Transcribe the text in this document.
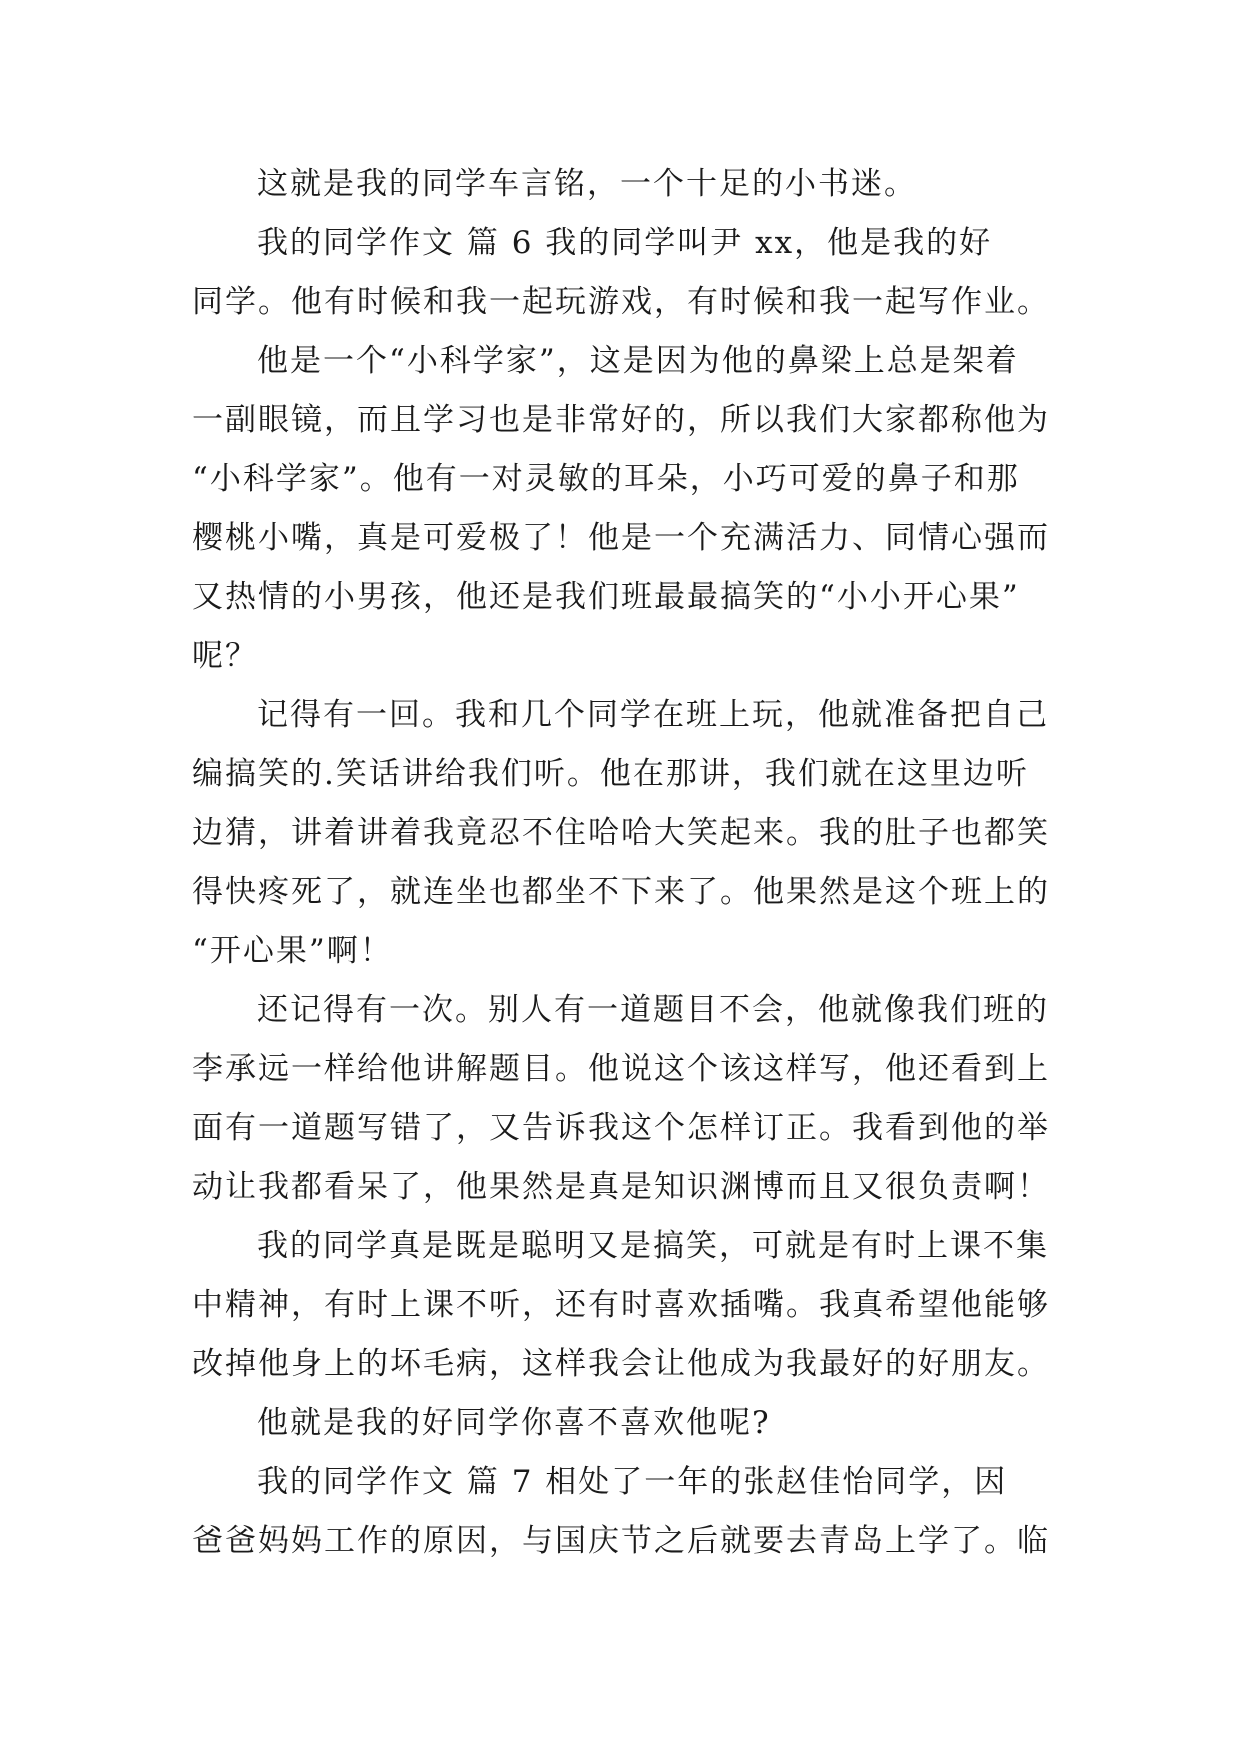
这就是我的同学车言铭，一个十足的小书迷。
我的同学作文 篇 6 我的同学叫尹 xx，他是我的好
同学。他有时候和我一起玩游戏，有时候和我一起写作业。
他是一个“小科学家”，这是因为他的鼻梁上总是架着
一副眼镜，而且学习也是非常好的，所以我们大家都称他为
“小科学家”。他有一对灵敏的耳朵，小巧可爱的鼻子和那
樱桃小嘴，真是可爱极了！他是一个充满活力、同情心强而
又热情的小男孩，他还是我们班最最搞笑的“小小开心果”
呢？
记得有一回。我和几个同学在班上玩，他就准备把自己
编搞笑的.笑话讲给我们听。他在那讲，我们就在这里边听
边猜，讲着讲着我竟忍不住哈哈大笑起来。我的肚子也都笑
得快疼死了，就连坐也都坐不下来了。他果然是这个班上的
“开心果”啊！
还记得有一次。别人有一道题目不会，他就像我们班的
李承远一样给他讲解题目。他说这个该这样写，他还看到上
面有一道题写错了，又告诉我这个怎样订正。我看到他的举
动让我都看呆了，他果然是真是知识渊博而且又很负责啊！
我的同学真是既是聪明又是搞笑，可就是有时上课不集
中精神，有时上课不听，还有时喜欢插嘴。我真希望他能够
改掉他身上的坏毛病，这样我会让他成为我最好的好朋友。
他就是我的好同学你喜不喜欢他呢?
我的同学作文 篇 7 相处了一年的张赵佳怡同学，因
爸爸妈妈工作的原因，与国庆节之后就要去青岛上学了。临
